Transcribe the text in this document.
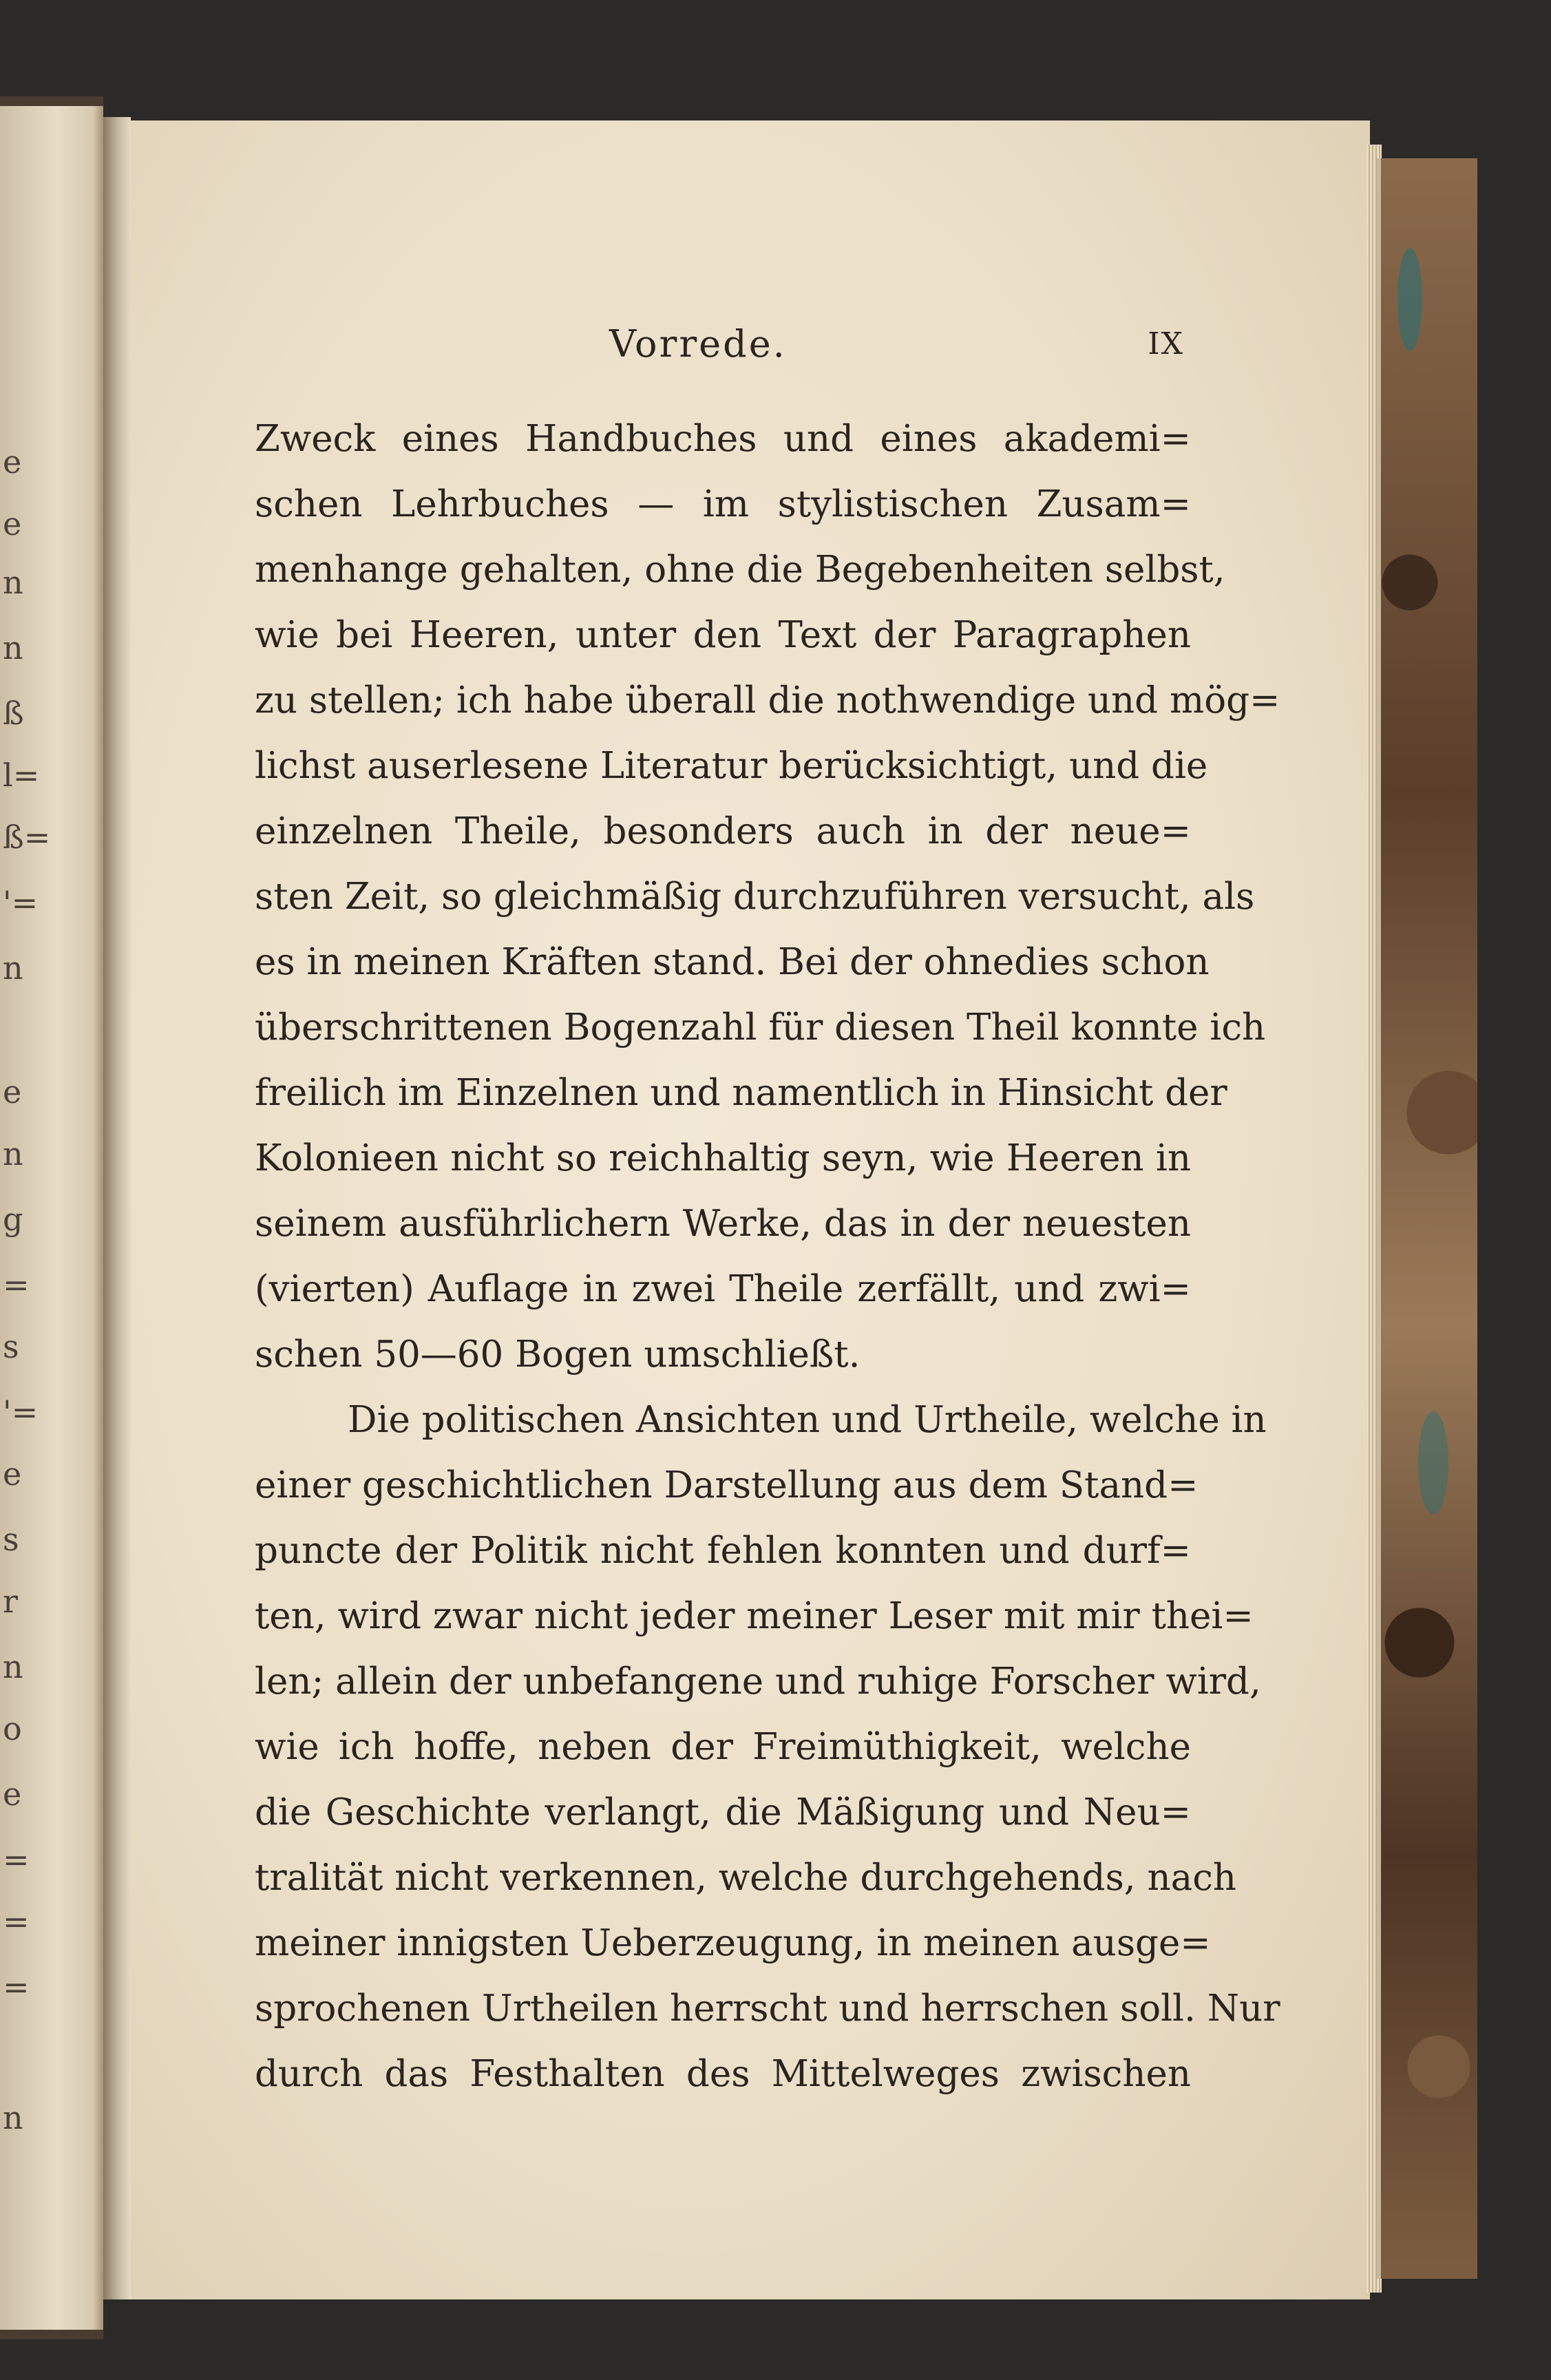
e
e
n
n
ß
l=
ß=
'=
n
e
n
g
=
s
'=
e
s
r
n
o
e
=
=
=
n
Vorrede.	IX
Zweck eines Handbuches und eines akademi=
schen Lehrbuches — im stylistischen Zusam=
menhange gehalten, ohne die Begebenheiten selbst,
wie bei Heeren, unter den Text der Paragraphen
zu stellen; ich habe überall die nothwendige und mög=
lichst auserlesene Literatur berücksichtigt, und die
einzelnen Theile, besonders auch in der neue=
sten Zeit, so gleichmäßig durchzuführen versucht, als
es in meinen Kräften stand. Bei der ohnedies schon
überschrittenen Bogenzahl für diesen Theil konnte ich
freilich im Einzelnen und namentlich in Hinsicht der
Kolonieen nicht so reichhaltig seyn, wie Heeren in
seinem ausführlichern Werke, das in der neuesten
(vierten) Auflage in zwei Theile zerfällt, und zwi=
schen 50—60 Bogen umschließt.
Die politischen Ansichten und Urtheile, welche in
einer geschichtlichen Darstellung aus dem Stand=
puncte der Politik nicht fehlen konnten und durf=
ten, wird zwar nicht jeder meiner Leser mit mir thei=
len; allein der unbefangene und ruhige Forscher wird,
wie ich hoffe, neben der Freimüthigkeit, welche
die Geschichte verlangt, die Mäßigung und Neu=
tralität nicht verkennen, welche durchgehends, nach
meiner innigsten Ueberzeugung, in meinen ausge=
sprochenen Urtheilen herrscht und herrschen soll. Nur
durch das Festhalten des Mittelweges zwischen
